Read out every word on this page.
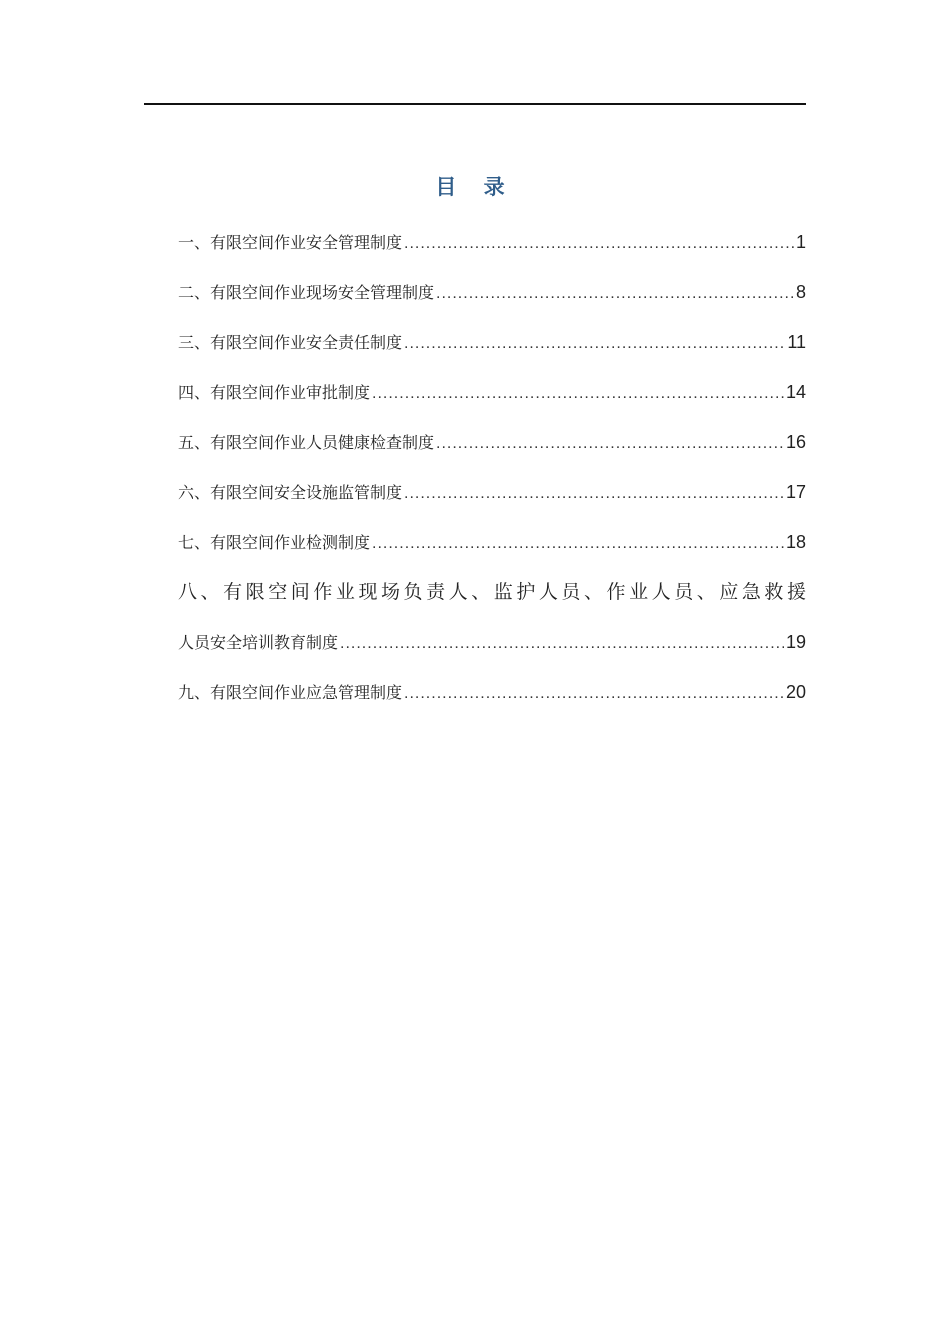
目 录
一、有限空间作业安全管理制度 .....	1
二、有限空间作业现场安全管理制度 .....	8
三、有限空间作业安全责任制度 .....	11
四、有限空间作业审批制度 .....	14
五、有限空间作业人员健康检查制度 .....	16
六、有限空间安全设施监管制度 .....	17
七、有限空间作业检测制度 .....	18
八、有限空间作业现场负责人、监护人员、作业人员、应急救援
人员安全培训教育制度 .....	19
九、有限空间作业应急管理制度 .....	20
